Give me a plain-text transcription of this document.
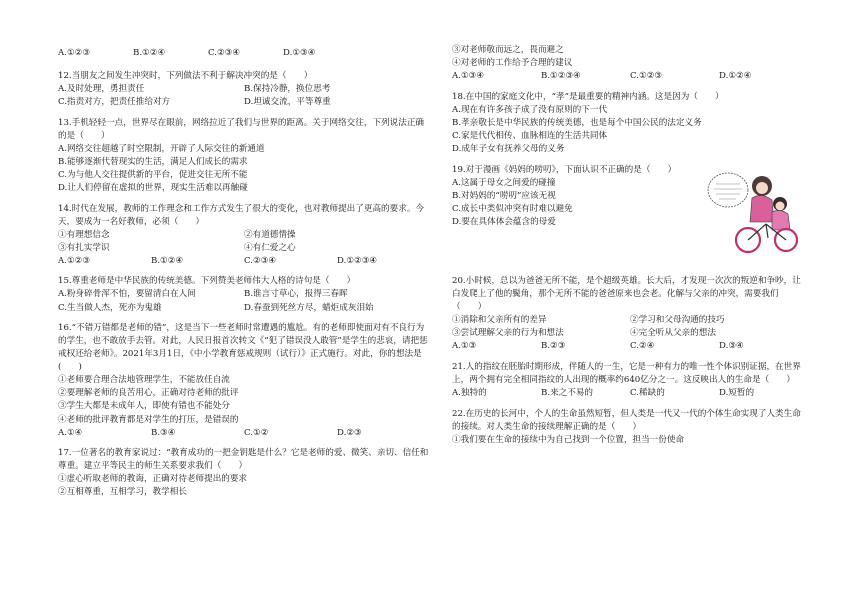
A.①②③	B.①②④	C.②③④	D.①③④
12.当朋友之间发生冲突时，下列做法不利于解决冲突的是（　　）
A.及时处理，勇担责任	B.保持冷静，换位思考
C.指责对方，把责任推给对方	D.坦诚交流，平等尊重
13.手机轻轻一点，世界尽在眼前，网络拉近了我们与世界的距离。关于网络交往，下列说法正确的是（　　）
A.网络交往超越了时空限制，开辟了人际交往的新通道
B.能够逐渐代替现实的生活，满足人们成长的需求
C.为与他人交往提供新的平台，促进交往无所不能
D.让人们停留在虚拟的世界，现实生活难以再触碰
14.时代在发展，教师的工作理念和工作方式发生了很大的变化，也对教师提出了更高的要求。今天，要成为一名好教师，必须（　　）
①有理想信念	②有道德情操
③有扎实学识	④有仁爱之心
A.①②③	B.①②④	C.②③④	D.①②③④
15.尊重老师是中华民族的传统美德。下列赞美老师伟大人格的诗句是（　　）
A.粉身碎骨浑不怕，要留清白在人间	B.谁言寸草心，报得三春晖
C.生当做人杰，死亦为鬼雄	D.春蚕到死丝方尽，蜡炬成灰泪始
16.“不错万错都是老师的错”，这是当下一些老师时常遭遇的尴尬。有的老师即使面对有不良行为的学生，也不敢放手去管。对此，人民日报首次转文《“犯了错误没人敢管”是学生的悲哀，请把惩戒权还给老师》。2021年3月1日，《中小学教育惩戒规则（试行）》正式施行。对此，你的想法是(　　)
①老师要合理合法地管理学生，不能放任自流
②要理解老师的良苦用心，正确对待老师的批评
③学生大都是未成年人，即使有错也不能处分
④老师的批评教育都是对学生的打压，是错误的
A.①④	B.③④	C.①②	D.②③
17.一位著名的教育家说过：“教育成功的一把金钥匙是什么？它是老师的爱、微笑、亲切、信任和尊重。建立平等民主的师生关系要求我们（　　）
①虚心听取老师的教诲，正确对待老师提出的要求
②互相尊重，互相学习，教学相长
③对老师敬而远之，畏而避之
④对老师的工作给予合理的建议
A.①③④	B.①②③④	C.①②③	D.①②④
18.在中国的家庭文化中，“孝”是最重要的精神内涵。这是因为（　　）
A.现在有许多孩子成了没有原则的下一代
B.孝亲敬长是中华民族的传统美德，也是每个中国公民的法定义务
C.家是代代相传、血脉相连的生活共同体
D.成年子女有抚养父母的义务
19.对于漫画《妈妈的唠叨》，下面认识不正确的是（　　）
A.这属于母女之间爱的碰撞
B.对妈妈的“唠叨”应该无视
C.成长中类似冲突有时难以避免
D.要在具体体会蕴含的母爱
20.小时候，总以为爸爸无所不能，是个超级英雄。长大后，才发现一次次的叛逆和争吵，让白发爬上了他的鬓角，那个无所不能的爸爸原来也会老。化解与父亲的冲突，需要我们（　　）
①消除和父亲所有的差异	②学习和父母沟通的技巧
③尝试理解父亲的行为和想法	④完全听从父亲的想法
A.①③	B.②③	C.②④	D.③④
21.人的指纹在胚胎时期形成，伴随人的一生，它是一种有力的唯一性个体识别证据，在世界上，两个拥有完全相同指纹的人出现的概率约640亿分之一。这反映出人的生命是（　　）
A.独特的	B.来之不易的	C.稀缺的	D.短暂的
22.在历史的长河中，个人的生命虽然短暂，但人类是一代又一代的个体生命实现了人类生命的接续。对人类生命的接续理解正确的是（　　）
①我们要在生命的接续中为自己找到一个位置，担当一份使命
